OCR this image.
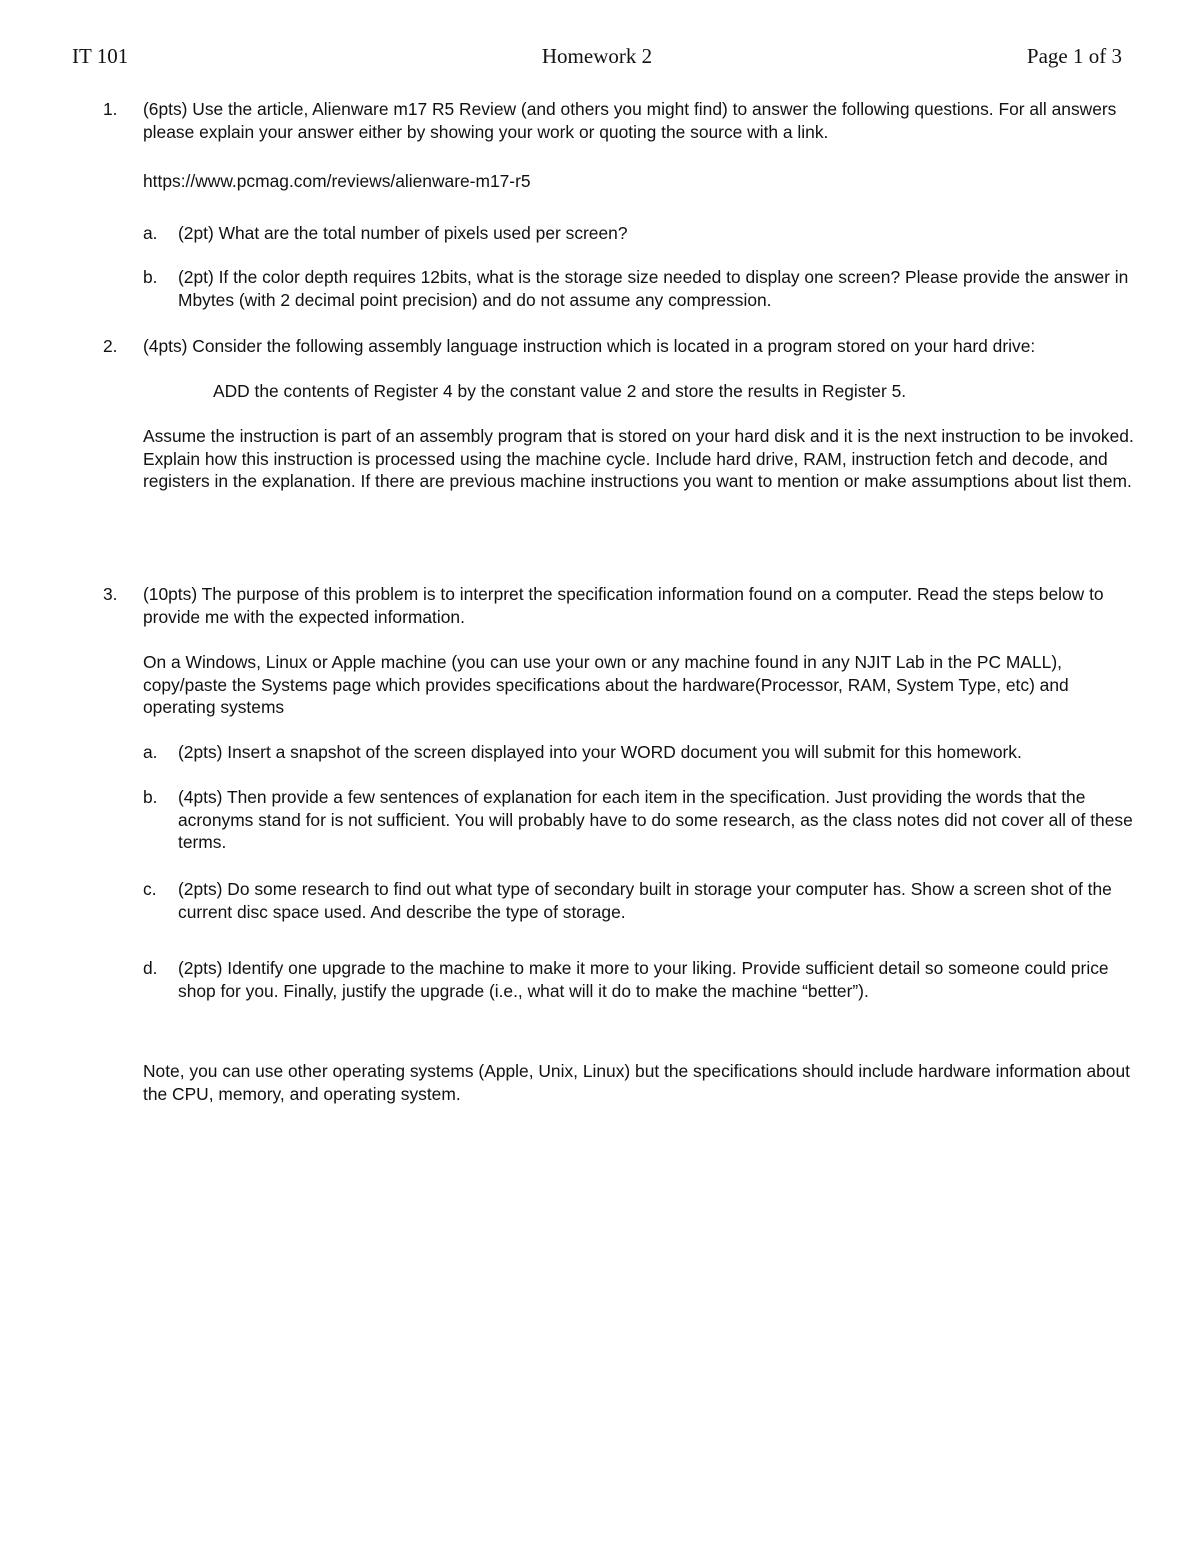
IT 101	Homework 2	Page 1 of 3
1. (6pts) Use the article, Alienware m17 R5 Review (and others you might find) to answer the following questions. For all answers please explain your answer either by showing your work or quoting the source with a link.
https://www.pcmag.com/reviews/alienware-m17-r5
a. (2pt) What are the total number of pixels used per screen?
b. (2pt) If the color depth requires 12bits, what is the storage size needed to display one screen? Please provide the answer in Mbytes (with 2 decimal point precision) and do not assume any compression.
2. (4pts) Consider the following assembly language instruction which is located in a program stored on your hard drive:
ADD the contents of Register 4 by the constant value 2 and store the results in Register 5.
Assume the instruction is part of an assembly program that is stored on your hard disk and it is the next instruction to be invoked. Explain how this instruction is processed using the machine cycle. Include hard drive, RAM, instruction fetch and decode, and registers in the explanation. If there are previous machine instructions you want to mention or make assumptions about list them.
3. (10pts) The purpose of this problem is to interpret the specification information found on a computer. Read the steps below to provide me with the expected information.
On a Windows, Linux or Apple machine (you can use your own or any machine found in any NJIT Lab in the PC MALL), copy/paste the Systems page which provides specifications about the hardware(Processor, RAM, System Type, etc) and operating systems
a. (2pts) Insert a snapshot of the screen displayed into your WORD document you will submit for this homework.
b. (4pts) Then provide a few sentences of explanation for each item in the specification. Just providing the words that the acronyms stand for is not sufficient. You will probably have to do some research, as the class notes did not cover all of these terms.
c. (2pts) Do some research to find out what type of secondary built in storage your computer has. Show a screen shot of the current disc space used. And describe the type of storage.
d. (2pts) Identify one upgrade to the machine to make it more to your liking. Provide sufficient detail so someone could price shop for you. Finally, justify the upgrade (i.e., what will it do to make the machine “better”).
Note, you can use other operating systems (Apple, Unix, Linux) but the specifications should include hardware information about the CPU, memory, and operating system.
